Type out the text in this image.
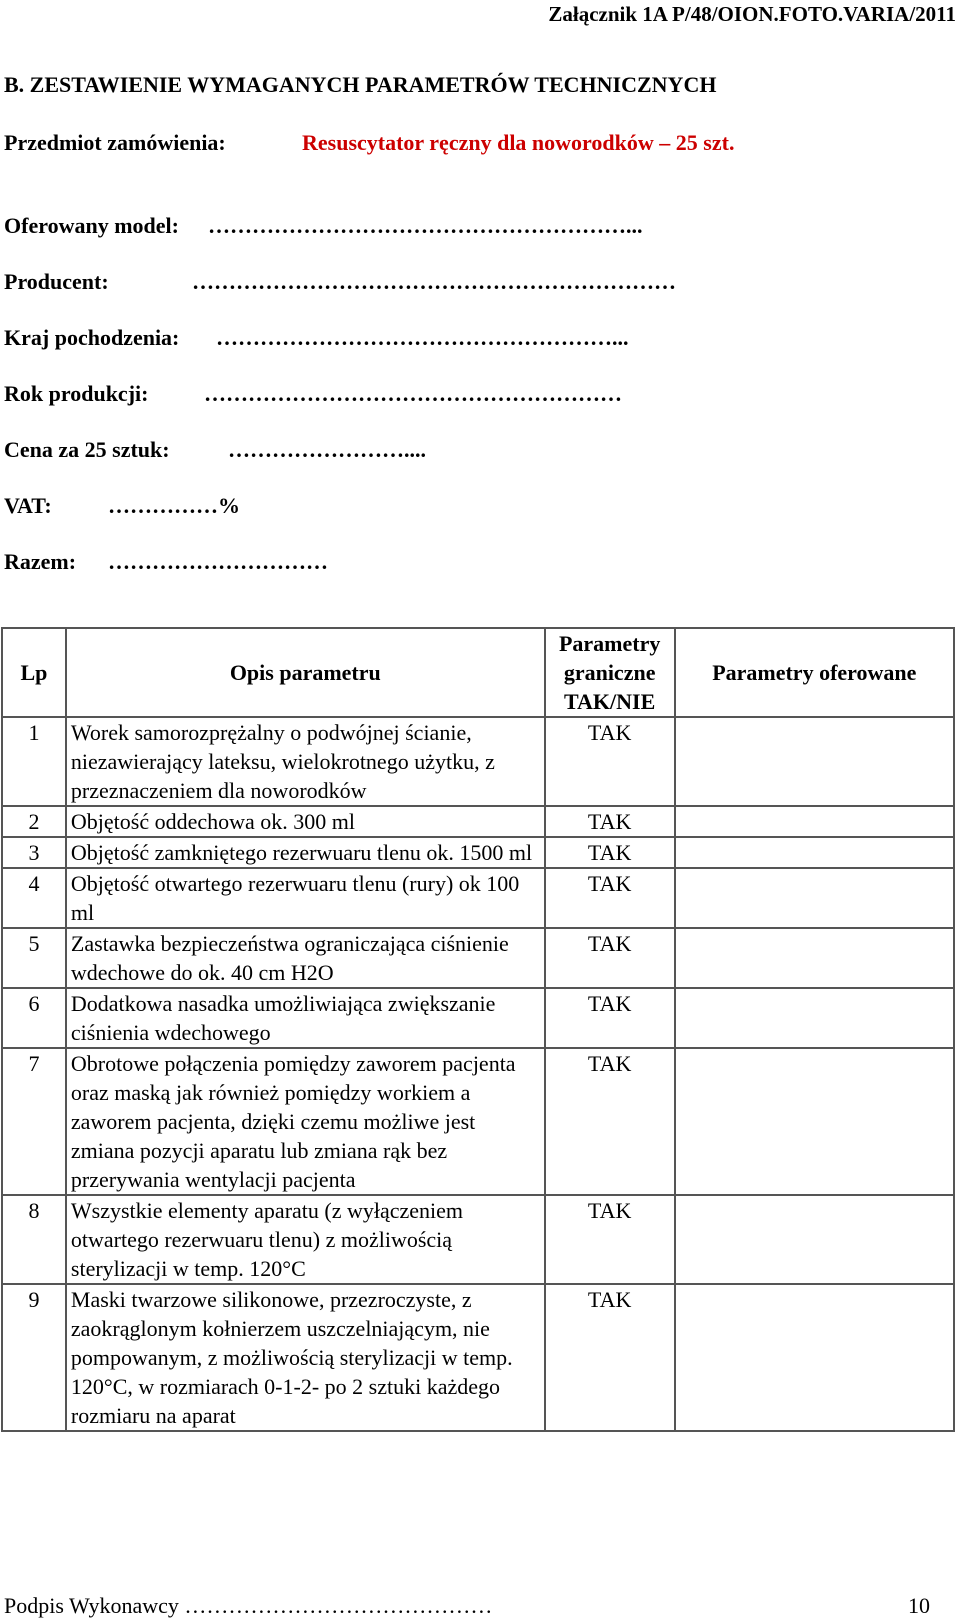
Załącznik 1A P/48/OION.FOTO.VARIA/2011
B. ZESTAWIENIE WYMAGANYCH PARAMETRÓW TECHNICZNYCH
Przedmiot zamówienia:	Resuscytator ręczny dla noworodków – 25 szt.
Oferowany model: …………………………………………………...
Producent:	…………………………………………………………
Kraj pochodzenia: ………………………………………………...
Rok produkcji:	…………………………………………………
Cena za 25 sztuk:	……………………....
VAT:	……………%
Razem: …………………………
Lp	Opis parametru	Parametry graniczne TAK/NIE	Parametry oferowane
1	Worek samorozprężalny o podwójnej ścianie, niezawierający lateksu, wielokrotnego użytku, z przeznaczeniem dla noworodków	TAK	
2	Objętość oddechowa ok. 300 ml	TAK	
3	Objętość zamkniętego rezerwuaru tlenu ok. 1500 ml	TAK	
4	Objętość otwartego rezerwuaru tlenu (rury) ok 100 ml	TAK	
5	Zastawka bezpieczeństwa ograniczająca ciśnienie wdechowe do ok. 40 cm H2O	TAK	
6	Dodatkowa nasadka umożliwiająca zwiększanie ciśnienia wdechowego	TAK	
7	Obrotowe połączenia pomiędzy zaworem pacjenta oraz maską jak również pomiędzy workiem a zaworem pacjenta, dzięki czemu możliwe jest zmiana pozycji aparatu lub zmiana rąk bez przerywania wentylacji pacjenta	TAK	
8	Wszystkie elementy aparatu (z wyłączeniem otwartego rezerwuaru tlenu) z możliwością sterylizacji w temp. 120°C	TAK	
9	Maski twarzowe silikonowe, przezroczyste, z zaokrąglonym kołnierzem uszczelniającym, nie pompowanym, z możliwością sterylizacji w temp. 120°C, w rozmiarach 0-1-2- po 2 sztuki każdego rozmiaru na aparat	TAK	
Podpis Wykonawcy ……………………………………	10
